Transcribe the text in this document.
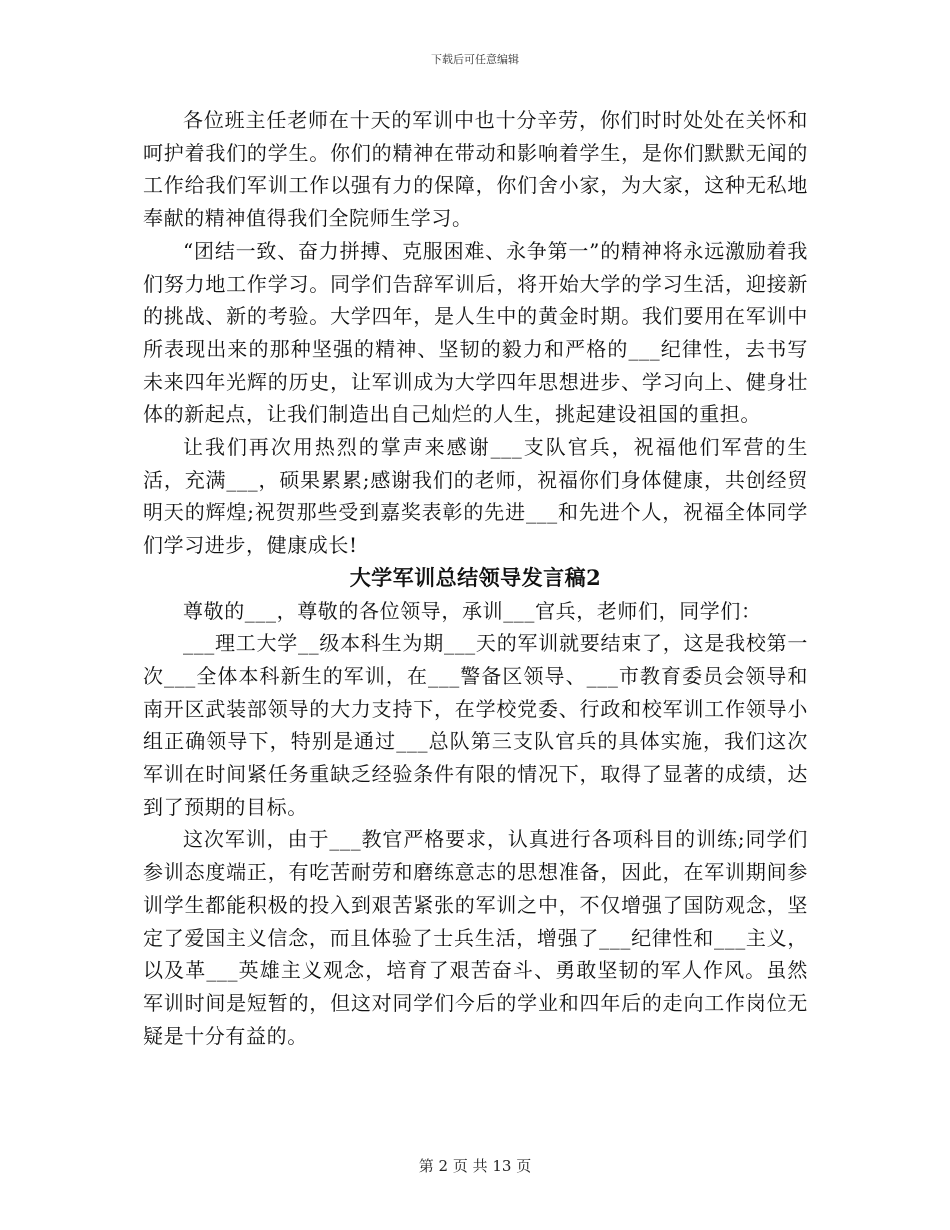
下载后可任意编辑

各位班主任老师在十天的军训中也十分辛劳，你们时时处处在关怀和呵护着我们的学生。你们的精神在带动和影响着学生，是你们默默无闻的工作给我们军训工作以强有力的保障，你们舍小家，为大家，这种无私地奉献的精神值得我们全院师生学习。

“团结一致、奋力拼搏、克服困难、永争第一”的精神将永远激励着我们努力地工作学习。同学们告辞军训后，将开始大学的学习生活，迎接新的挑战、新的考验。大学四年，是人生中的黄金时期。我们要用在军训中所表现出来的那种坚强的精神、坚韧的毅力和严格的___纪律性，去书写未来四年光辉的历史，让军训成为大学四年思想进步、学习向上、健身壮体的新起点，让我们制造出自己灿烂的人生，挑起建设祖国的重担。

让我们再次用热烈的掌声来感谢___支队官兵，祝福他们军营的生活，充满___，硕果累累;感谢我们的老师，祝福你们身体健康，共创经贸明天的辉煌;祝贺那些受到嘉奖表彰的先进___和先进个人，祝福全体同学们学习进步，健康成长!

大学军训总结领导发言稿2

尊敬的___，尊敬的各位领导，承训___官兵，老师们，同学们：

___理工大学__级本科生为期___天的军训就要结束了，这是我校第一次___全体本科新生的军训，在___警备区领导、___市教育委员会领导和南开区武装部领导的大力支持下，在学校党委、行政和校军训工作领导小组正确领导下，特别是通过___总队第三支队官兵的具体实施，我们这次军训在时间紧任务重缺乏经验条件有限的情况下，取得了显著的成绩，达到了预期的目标。

这次军训，由于___教官严格要求，认真进行各项科目的训练;同学们参训态度端正，有吃苦耐劳和磨练意志的思想准备，因此，在军训期间参训学生都能积极的投入到艰苦紧张的军训之中，不仅增强了国防观念，坚定了爱国主义信念，而且体验了士兵生活，增强了___纪律性和___主义，以及革___英雄主义观念，培育了艰苦奋斗、勇敢坚韧的军人作风。虽然军训时间是短暂的，但这对同学们今后的学业和四年后的走向工作岗位无疑是十分有益的。

第 2 页 共 13 页
